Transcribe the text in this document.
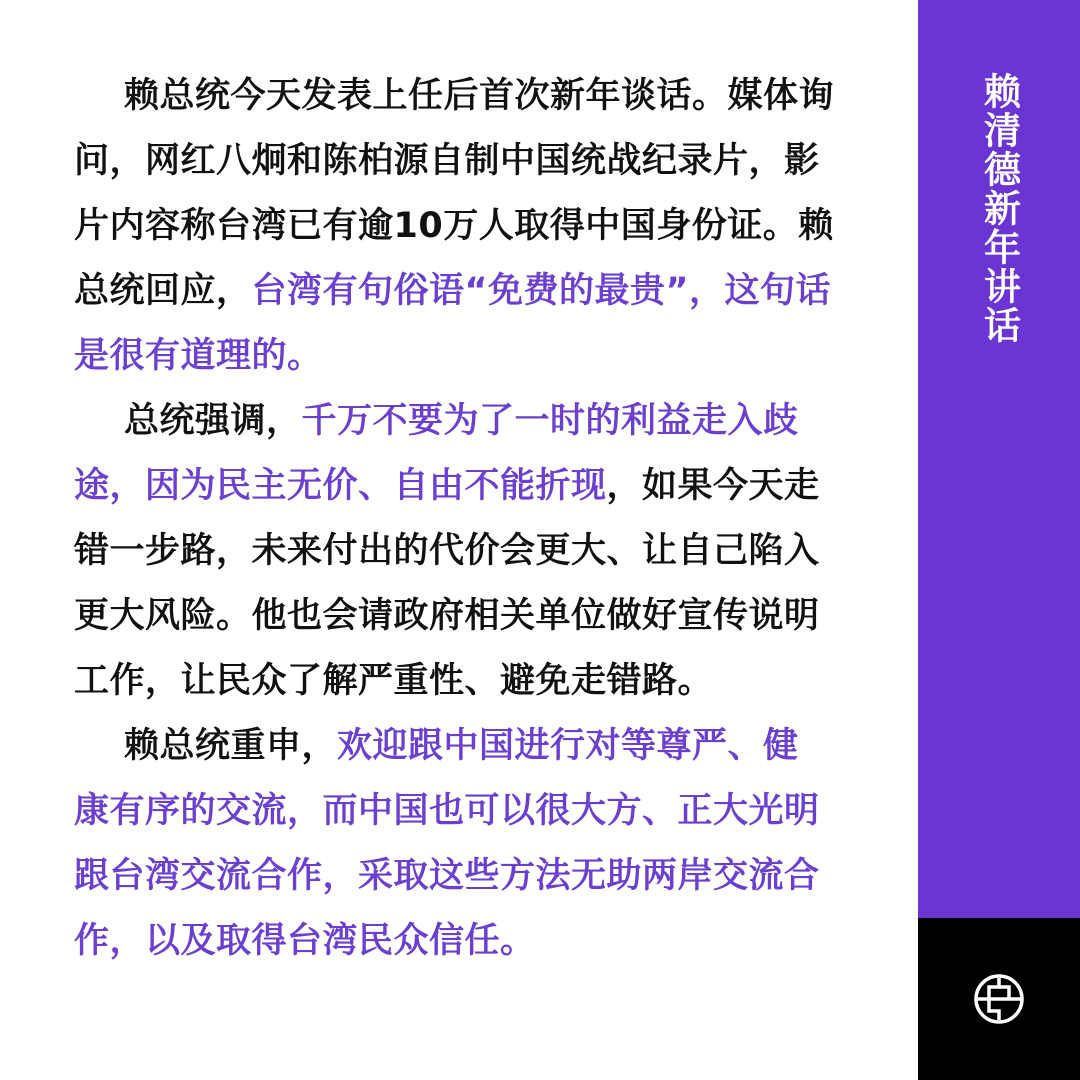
赖总统今天发表上任后首次新年谈话。媒体询问，网红八炯和陈柏源自制中国统战纪录片，影片内容称台湾已有逾10万人取得中国身份证。赖总统回应，台湾有句俗语“免费的最贵”，这句话是很有道理的。

总统强调，千万不要为了一时的利益走入歧途，因为民主无价、自由不能折现，如果今天走错一步路，未来付出的代价会更大、让自己陷入更大风险。他也会请政府相关单位做好宣传说明工作，让民众了解严重性、避免走错路。

赖总统重申，欢迎跟中国进行对等尊严、健康有序的交流，而中国也可以很大方、正大光明跟台湾交流合作，采取这些方法无助两岸交流合作，以及取得台湾民众信任。

赖清德新年讲话
